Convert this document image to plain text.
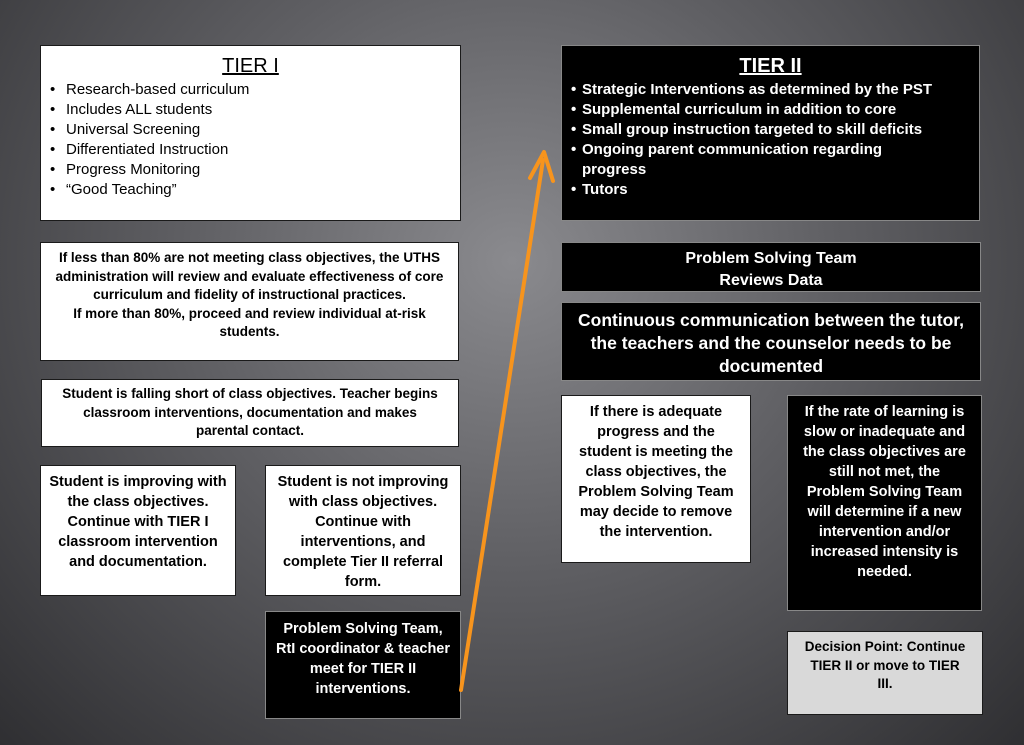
TIER I
• Research-based curriculum
• Includes ALL students
• Universal Screening
• Differentiated Instruction
• Progress Monitoring
• “Good Teaching”
TIER II
• Strategic Interventions as determined by the PST
• Supplemental curriculum in addition to core
• Small group instruction targeted to skill deficits
• Ongoing parent communication regarding progress
• Tutors
If less than 80% are not meeting class objectives, the UTHS administration will review and evaluate effectiveness of core curriculum and fidelity of instructional practices.
If more than 80%, proceed and review individual at-risk students.
Student is falling short of class objectives. Teacher begins classroom interventions, documentation and makes parental contact.
Student is improving with the class objectives. Continue with TIER I classroom intervention and documentation.
Student is not improving with class objectives. Continue with interventions, and complete Tier II referral form.
Problem Solving Team, RtI coordinator & teacher meet for TIER II interventions.
Problem Solving Team
Reviews Data
Continuous communication between the tutor, the teachers and the counselor needs to be documented
If there is adequate progress and the student is meeting the class objectives, the Problem Solving Team may decide to remove the intervention.
If the rate of learning is slow or inadequate and the class objectives are still not met, the Problem Solving Team will determine if a new intervention and/or increased intensity is needed.
Decision Point: Continue TIER II or move to TIER III.
